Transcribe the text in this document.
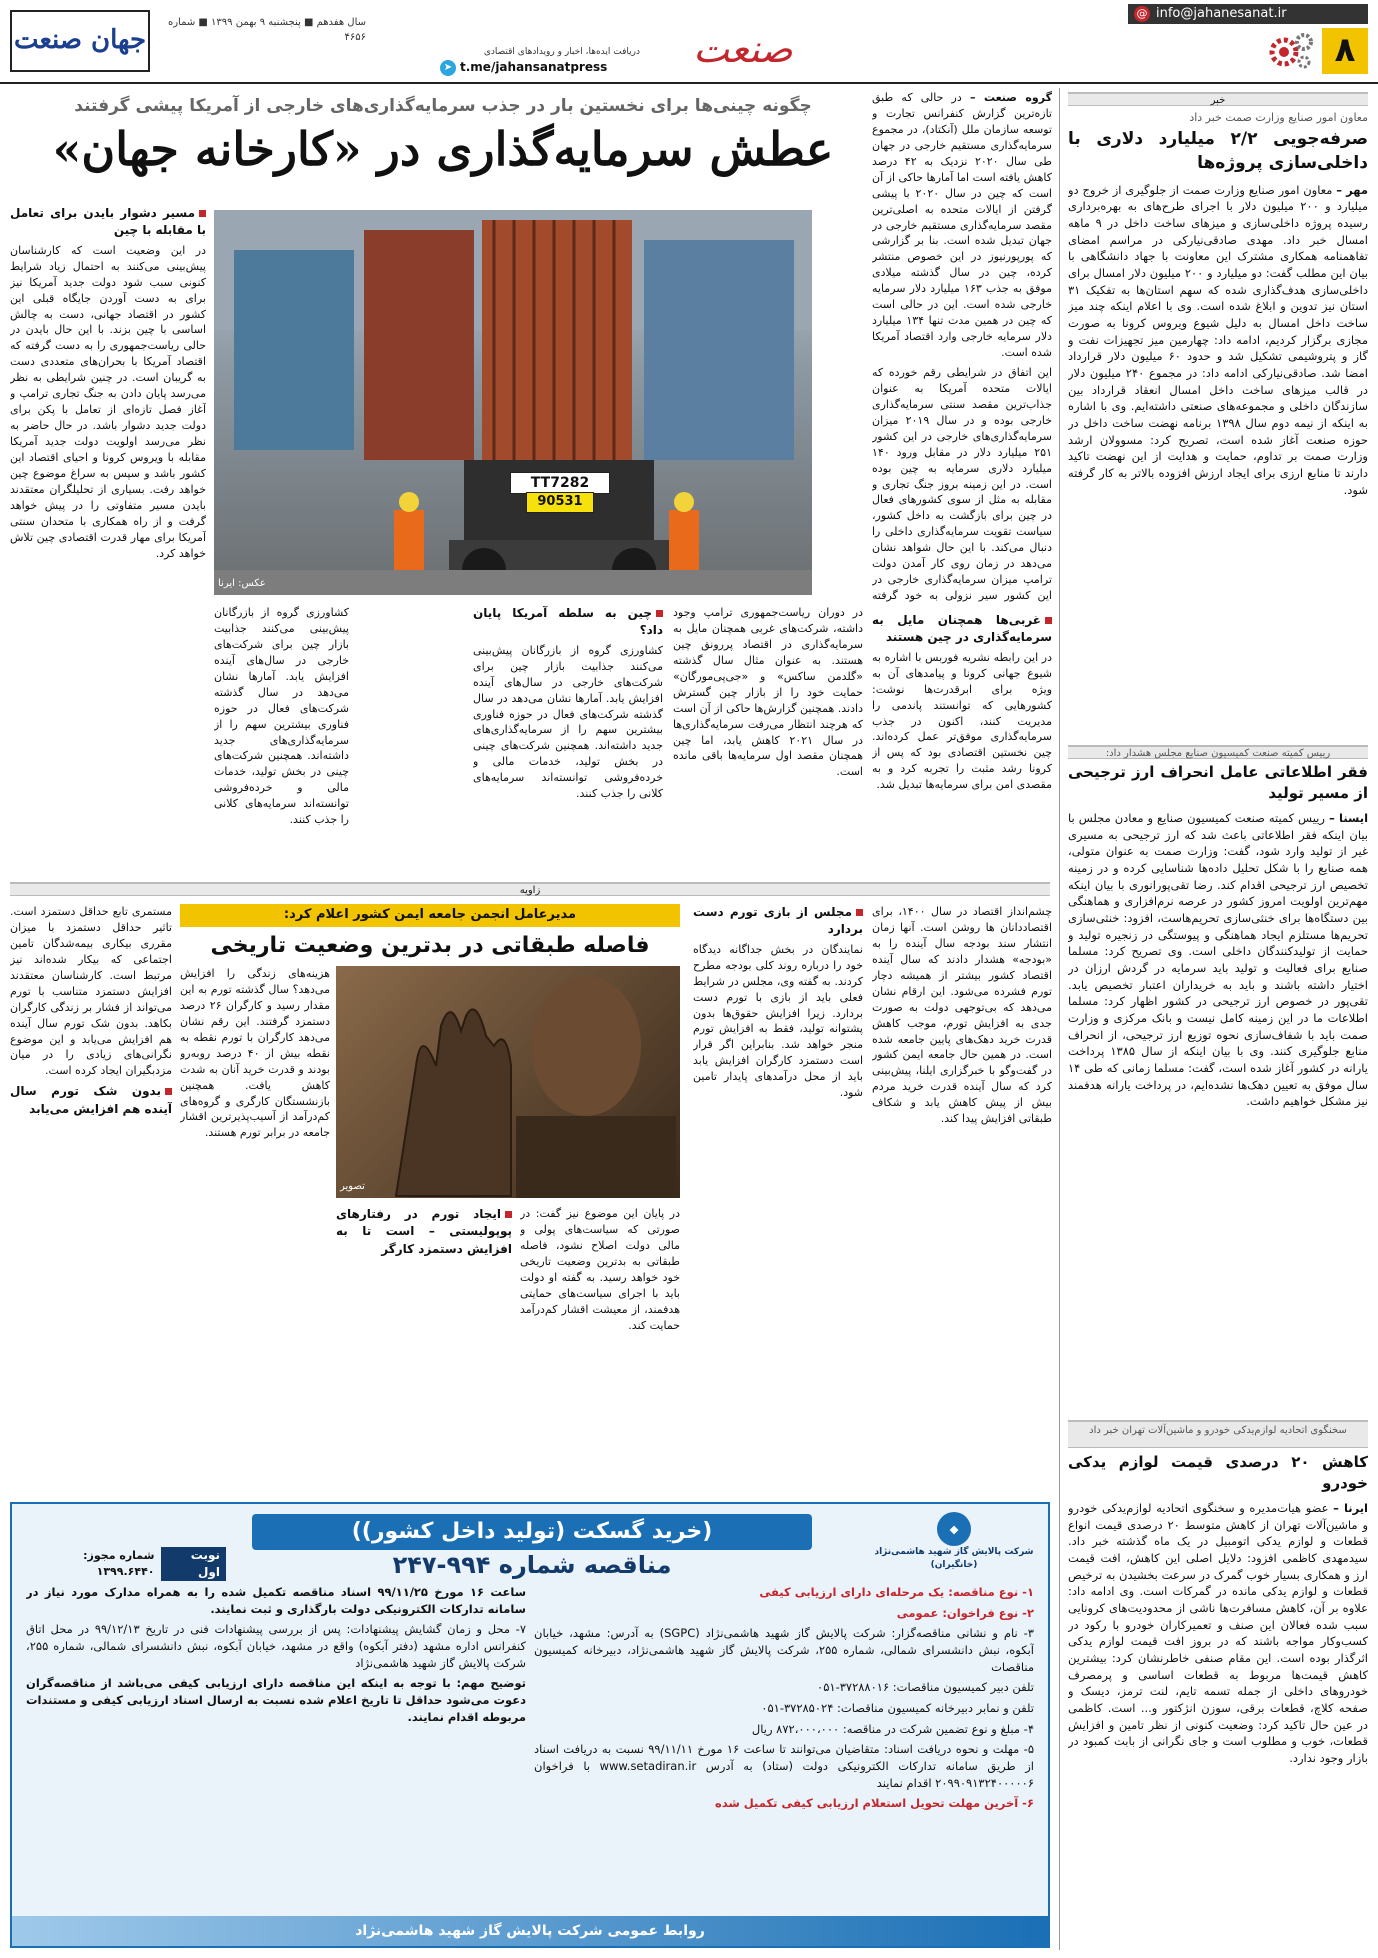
۸
@ info@jahanesanat.ir
صنعت
دریافت ایده‌ها، اخبار و رویدادهای اقتصادی
t.me/jahansanatpress
➤
سال هفدهم ■ پنجشنبه ۹ بهمن ۱۳۹۹ ■ شماره ۴۶۵۶
جهان صنعت
خبر
معاون امور صنایع وزارت صمت خبر داد
صرفه‌جویی ۲/۲ میلیارد دلاری با داخلی‌سازی پروژه‌ها

مهر – معاون امور صنایع وزارت صمت از جلوگیری از خروج دو میلیارد و ۲۰۰ میلیون دلار با اجرای طرح‌های به بهره‌برداری رسیده پروژه داخلی‌سازی و میزهای ساخت داخل در ۹ ماهه امسال خبر داد. مهدی صادقی‌نیارکی در مراسم امضای تفاهمنامه همکاری مشترک این معاونت با جهاد دانشگاهی با بیان این مطلب گفت: دو میلیارد و ۲۰۰ میلیون دلار امسال برای داخلی‌سازی هدف‌گذاری شده که سهم استان‌ها به تفکیک ۳۱ استان نیز تدوین و ابلاغ شده است. وی با اعلام اینکه چند میز ساخت داخل امسال به دلیل شیوع ویروس کرونا به صورت مجازی برگزار کردیم، ادامه داد: چهارمین میز تجهیزات نفت و گاز و پتروشیمی تشکیل شد و حدود ۶۰ میلیون دلار قرارداد امضا شد. صادقی‌نیارکی ادامه داد: در مجموع ۲۴۰ میلیون دلار در قالب میزهای ساخت داخل امسال انعقاد قرارداد بین سازندگان داخلی و مجموعه‌های صنعتی داشته‌ایم. وی با اشاره به اینکه از نیمه دوم سال ۱۳۹۸ برنامه نهضت ساخت داخل در حوزه صنعت آغاز شده است، تصریح کرد: مسوولان ارشد وزارت صمت بر تداوم، حمایت و هدایت از این نهضت تاکید دارند تا منابع ارزی برای ایجاد ارزش افزوده بالاتر به کار گرفته شود.

رییس کمیته صنعت کمیسیون صنایع مجلس هشدار داد:
فقر اطلاعاتی عامل انحراف ارز ترجیحی از مسیر تولید

ایسنا – رییس کمیته صنعت کمیسیون صنایع و معادن مجلس با بیان اینکه فقر اطلاعاتی باعث شد که ارز ترجیحی به مسیری غیر از تولید وارد شود، گفت: وزارت صمت به عنوان متولی، همه صنایع را با شکل تحلیل داده‌ها شناسایی کرده و در زمینه تخصیص ارز ترجیحی اقدام کند. رضا تقی‌پورانوری با بیان اینکه مهم‌ترین اولویت امروز کشور در عرصه نرم‌افزاری و هماهنگی بین دستگاه‌ها برای خنثی‌سازی تحریم‌هاست، افزود: خنثی‌سازی تحریم‌ها مستلزم ایجاد هماهنگی و پیوستگی در زنجیره تولید و حمایت از تولیدکنندگان داخلی است. وی تصریح کرد: مسلما صنایع برای فعالیت و تولید باید سرمایه در گردش ارزان در اختیار داشته باشند و باید به خریداران اعتبار تخصیص یابد. تقی‌پور در خصوص ارز ترجیحی در کشور اظهار کرد: مسلما اطلاعات ما در این زمینه کامل نیست و بانک مرکزی و وزارت صمت باید با شفاف‌سازی نحوه توزیع ارز ترجیحی، از انحراف منابع جلوگیری کنند. وی با بیان اینکه از سال ۱۳۸۵ پرداخت یارانه در کشور آغاز شده است، گفت: مسلما زمانی که طی ۱۴ سال موفق به تعیین دهک‌ها نشده‌ایم، در پرداخت یارانه هدفمند نیز مشکل خواهیم داشت.

سخنگوی اتحادیه لوازم‌یدکی خودرو و ماشین‌آلات تهران خبر داد
کاهش ۲۰ درصدی قیمت لوازم یدکی خودرو

ایرنا – عضو هیات‌مدیره و سخنگوی اتحادیه لوازم‌یدکی خودرو و ماشین‌آلات تهران از کاهش متوسط ۲۰ درصدی قیمت انواع قطعات و لوازم یدکی اتومبیل در یک ماه گذشته خبر داد. سیدمهدی کاظمی افزود: دلایل اصلی این کاهش، افت قیمت ارز و همکاری بسیار خوب گمرک در سرعت بخشیدن به ترخیص قطعات و لوازم یدکی مانده در گمرکات است. وی ادامه داد: علاوه بر آن، کاهش مسافرت‌ها ناشی از محدودیت‌های کرونایی سبب شده فعالان این صنف و تعمیرکاران خودرو با رکود در کسب‌وکار مواجه باشند که در بروز افت قیمت لوازم یدکی اثرگذار بوده است. این مقام صنفی خاطرنشان کرد: بیشترین کاهش قیمت‌ها مربوط به قطعات اساسی و پرمصرف خودروهای داخلی از جمله تسمه تایم، لنت ترمز، دیسک و صفحه کلاچ، قطعات برقی، سوزن انژکتور و... است. کاظمی در عین حال تاکید کرد: وضعیت کنونی از نظر تامین و افزایش قطعات، خوب و مطلوب است و جای نگرانی از بابت کمبود در بازار وجود ندارد.

گروه صنعت – در حالی که طبق تازه‌ترین گزارش کنفرانس تجارت و توسعه سازمان ملل (آنکتاد)، در مجموع سرمایه‌گذاری مستقیم خارجی در جهان طی سال ۲۰۲۰ نزدیک به ۴۲ درصد کاهش یافته است اما آمارها حاکی از آن است که چین در سال ۲۰۲۰ با پیشی گرفتن از ایالات متحده به اصلی‌ترین مقصد سرمایه‌گذاری مستقیم خارجی در جهان تبدیل شده است. بنا بر گزارشی که پورپورنیوز در این خصوص منتشر کرده، چین در سال گذشته میلادی موفق به جذب ۱۶۳ میلیارد دلار سرمایه خارجی شده است. این در حالی است که چین در همین مدت تنها ۱۳۴ میلیارد دلار سرمایه خارجی وارد اقتصاد آمریکا شده است.

این اتفاق در شرایطی رقم خورده که ایالات متحده آمریکا به عنوان جذاب‌ترین مقصد سنتی سرمایه‌گذاری خارجی بوده و در سال ۲۰۱۹ میزان سرمایه‌گذاری‌های خارجی در این کشور ۲۵۱ میلیارد دلار در مقابل ورود ۱۴۰ میلیارد دلاری سرمایه به چین بوده است. در این زمینه بروز جنگ تجاری و مقابله به مثل از سوی کشورهای فعال در چین برای بازگشت به داخل کشور، سیاست تقویت سرمایه‌گذاری داخلی را دنبال می‌کند. با این حال شواهد نشان می‌دهد در زمان روی کار آمدن دولت ترامپ میزان سرمایه‌گذاری خارجی در این کشور سیر نزولی به خود گرفته

چگونه چینی‌ها برای نخستین بار در جذب سرمایه‌گذاری‌های خارجی از آمریکا پیشی گرفتند
عطش سرمایه‌گذاری در «کارخانه جهان»
TT7282
90531
عکس: ایرنا
مسیر دشوار بایدن برای تعامل با مقابله با چین

در این وضعیت است که کارشناسان پیش‌بینی می‌کنند به احتمال زیاد شرایط کنونی سبب شود دولت جدید آمریکا نیز برای به دست آوردن جایگاه قبلی این کشور در اقتصاد جهانی، دست به چالش اساسی با چین بزند. با این حال بایدن در حالی ریاست‌جمهوری را به دست گرفته که اقتصاد آمریکا با بحران‌های متعددی دست به گریبان است. در چنین شرایطی به نظر می‌رسد پایان دادن به جنگ تجاری ترامپ و آغاز فصل تازه‌ای از تعامل با پکن برای دولت جدید دشوار باشد. در حال حاضر به نظر می‌رسد اولویت دولت جدید آمریکا مقابله با ویروس کرونا و احیای اقتصاد این کشور باشد و سپس به سراغ موضوع چین خواهد رفت. بسیاری از تحلیلگران معتقدند بایدن مسیر متفاوتی را در پیش خواهد گرفت و از راه همکاری با متحدان سنتی آمریکا برای مهار قدرت اقتصادی چین تلاش خواهد کرد.

غربی‌ها همچنان مایل به سرمایه‌گذاری در چین هستند

در این رابطه نشریه فوربس با اشاره به شیوع جهانی کرونا و پیامدهای آن به ویژه برای ابرقدرت‌ها نوشت: کشورهایی که توانستند پاندمی را مدیریت کنند، اکنون در جذب سرمایه‌گذاری موفق‌تر عمل کرده‌اند. چین نخستین اقتصادی بود که پس از کرونا رشد مثبت را تجربه کرد و به مقصدی امن برای سرمایه‌ها تبدیل شد.

در دوران ریاست‌جمهوری ترامپ وجود داشته، شرکت‌های غربی همچنان مایل به سرمایه‌گذاری در اقتصاد پررونق چین هستند. به عنوان مثال سال گذشته «گلدمن ساکس» و «جی‌پی‌مورگان» حمایت خود را از بازار چین گسترش دادند. همچنین گزارش‌ها حاکی از آن است که هرچند انتظار می‌رفت سرمایه‌گذاری‌ها در سال ۲۰۲۱ کاهش یابد، اما چین همچنان مقصد اول سرمایه‌ها باقی مانده است.

چین به سلطه آمریکا پایان داد؟

کشاورزی گروه از بازرگانان پیش‌بینی می‌کنند جذابیت بازار چین برای شرکت‌های خارجی در سال‌های آینده افزایش یابد. آمارها نشان می‌دهد در سال گذشته شرکت‌های فعال در حوزه فناوری بیشترین سهم را از سرمایه‌گذاری‌های جدید داشته‌اند. همچنین شرکت‌های چینی در بخش تولید، خدمات مالی و خرده‌فروشی توانسته‌اند سرمایه‌های کلانی را جذب کنند.

کشاورزی گروه از بازرگانان پیش‌بینی می‌کنند جذابیت بازار چین برای شرکت‌های خارجی در سال‌های آینده افزایش یابد. آمارها نشان می‌دهد در سال گذشته شرکت‌های فعال در حوزه فناوری بیشترین سهم را از سرمایه‌گذاری‌های جدید داشته‌اند. همچنین شرکت‌های چینی در بخش تولید، خدمات مالی و خرده‌فروشی توانسته‌اند سرمایه‌های کلانی را جذب کنند.

زاویه
مدیرعامل انجمن جامعه ایمن کشور اعلام کرد:
فاصله طبقاتی در بدترین وضعیت تاریخی
تصویر

چشم‌انداز اقتصاد در سال ۱۴۰۰، برای اقتصاددانان ها روشن است. آنها زمان انتشار سند بودجه سال آینده را به «بودجه» هشدار دادند که سال آینده اقتصاد کشور بیشتر از همیشه دچار تورم فشرده می‌شود. این ارقام نشان می‌دهد که بی‌توجهی دولت به صورت جدی به افزایش تورم، موجب کاهش قدرت خرید دهک‌های پایین جامعه شده است. در همین حال جامعه ایمن کشور در گفت‌وگو با خبرگزاری ایلنا، پیش‌بینی کرد که سال آینده قدرت خرید مردم بیش از پیش کاهش یابد و شکاف طبقاتی افزایش پیدا کند.

مجلس از بازی تورم دست بردارد

نمایندگان در بخش جداگانه دیدگاه خود را درباره روند کلی بودجه مطرح کردند. به گفته وی، مجلس در شرایط فعلی باید از بازی با تورم دست بردارد. زیرا افزایش حقوق‌ها بدون پشتوانه تولید، فقط به افزایش تورم منجر خواهد شد. بنابراین اگر قرار است دستمزد کارگران افزایش یابد باید از محل درآمدهای پایدار تامین شود.

در پایان این موضوع نیز گفت: در صورتی که سیاست‌های پولی و مالی دولت اصلاح نشود، فاصله طبقاتی به بدترین وضعیت تاریخی خود خواهد رسید. به گفته او دولت باید با اجرای سیاست‌های حمایتی هدفمند، از معیشت اقشار کم‌درآمد حمایت کند.

ایجاد تورم در رفتارهای پوپولیستی – است تا به افزایش دستمزد کارگر

هزینه‌های زندگی را افزایش می‌دهد؟ سال گذشته تورم به این مقدار رسید و کارگران ۲۶ درصد دستمزد گرفتند. این رقم نشان می‌دهد کارگران با تورم نقطه به نقطه بیش از ۴۰ درصد روبه‌رو بودند و قدرت خرید آنان به شدت کاهش یافت. همچنین بازنشستگان کارگری و گروه‌های کم‌درآمد از آسیب‌پذیرترین اقشار جامعه در برابر تورم هستند.

مستمری تابع حداقل دستمزد است. تاثیر حداقل دستمزد با میزان مقرری بیکاری بیمه‌شدگان تامین اجتماعی که بیکار شده‌اند نیز مرتبط است. کارشناسان معتقدند افزایش دستمزد متناسب با تورم می‌تواند از فشار بر زندگی کارگران بکاهد. بدون شک تورم سال آینده هم افزایش می‌یابد و این موضوع نگرانی‌های زیادی را در میان مزدبگیران ایجاد کرده است.

بدون شک تورم سال آینده هم افزایش می‌یابد
(خرید گسکت (تولید داخل کشور))
مناقصه شماره ۹۹۴-۲۴۷
◆
شرکت پالایش گاز شهید هاشمی‌نژاد (خانگیران)
نوبت اول
شماره مجوز: ۱۳۹۹.۶۴۴۰

ساعت ۱۶ مورخ ۹۹/۱۱/۲۵ اسناد مناقصه تکمیل شده را به همراه مدارک مورد نیاز در سامانه تدارکات الکترونیکی دولت بارگذاری و ثبت نمایند.

۷- محل و زمان گشایش پیشنهادات: پس از بررسی پیشنهادات فنی در تاریخ ۹۹/۱۲/۱۳ در محل اتاق کنفرانس اداره مشهد (دفتر آبکوه) واقع در مشهد، خیابان آبکوه، نبش دانشسرای شمالی، شماره ۲۵۵، شرکت پالایش گاز شهید هاشمی‌نژاد

توضیح مهم: با توجه به اینکه این مناقصه دارای ارزیابی کیفی می‌باشد از مناقصه‌گران دعوت می‌شود حداقل تا تاریخ اعلام شده نسبت به ارسال اسناد ارزیابی کیفی و مستندات مربوطه اقدام نمایند.

۱- نوع مناقصه: یک مرحله‌ای دارای ارزیابی کیفی

۲- نوع فراخوان: عمومی

۳- نام و نشانی مناقصه‌گزار: شرکت پالایش گاز شهید هاشمی‌نژاد (SGPC) به آدرس: مشهد، خیابان آبکوه، نبش دانشسرای شمالی، شماره ۲۵۵، شرکت پالایش گاز شهید هاشمی‌نژاد، دبیرخانه کمیسیون مناقصات

تلفن دبیر کمیسیون مناقصات: ۳۷۲۸۸۰۱۶-۰۵۱

تلفن و نمابر دبیرخانه کمیسیون مناقصات: ۳۷۲۸۵۰۲۴-۰۵۱

۴- مبلغ و نوع تضمین شرکت در مناقصه: ۸۷۲،۰۰۰،۰۰۰ ریال

۵- مهلت و نحوه دریافت اسناد: متقاضیان می‌توانند تا ساعت ۱۶ مورخ ۹۹/۱۱/۱۱ نسبت به دریافت اسناد از طریق سامانه تدارکات الکترونیکی دولت (ستاد) به آدرس www.setadiran.ir با فراخوان ۲۰۹۹۰۹۱۳۲۴۰۰۰۰۰۶ اقدام نمایند

۶- آخرین مهلت تحویل استعلام ارزیابی کیفی تکمیل شده

روابط عمومی شرکت پالایش گاز شهید هاشمی‌نژاد
